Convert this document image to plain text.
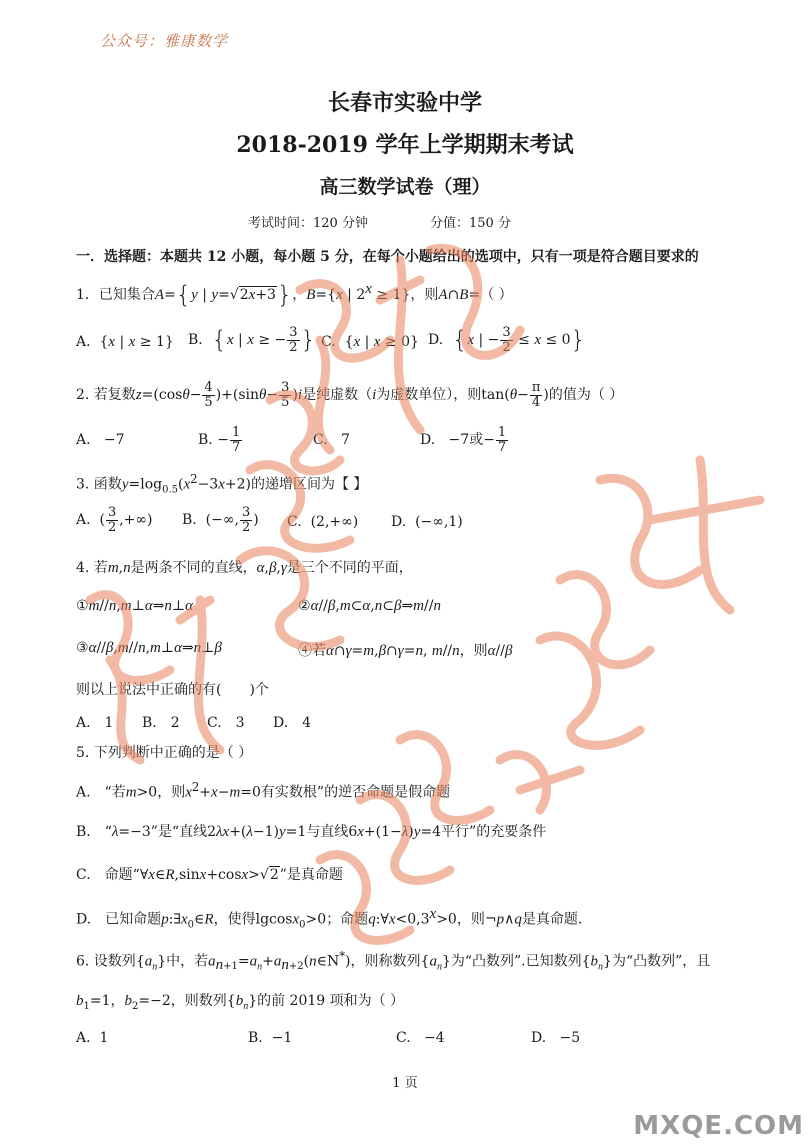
公众号：雅康数学
长春市实验中学
2018-2019 学年上学期期末考试
高三数学试卷（理）
考试时间：120 分钟	分值：150 分
一．选择题：本题共 12 小题，每小题 5 分，在每个小题给出的选项中，只有一项是符合题目要求的
1．已知集合A={y | y=√2x+3}，B={x | $2^x \ge 1$}，则A∩B=（ ）
A.  {x | x ≥ 1} B. {x | x ≥ − $\frac{3}{2}$ } C.  {x | x ≥ 0} D. {x | − $\frac{3}{2} \le x \le 0$}
2. 若复数$z=(\cos\theta- \frac{4}{5} )+(\sin\theta- \frac{3}{5} )i$是纯虚数（i为虚数单位），则$\tan(\theta- \frac{\pi}{4}$ )的值为（ ）
A. −7	B. − $\frac{1}{7}$	C. 7	D.   −7或− $\frac{1}{7}$
3. 函数$y=\log_{0.5}(x^2-3x+2)$的递增区间为【 】
A.  ( $\frac{3}{2}$ ,+∞) B.  (−∞, $\frac{3}{2}$ ) C.  (2,+∞) D.  (−∞,1)
4. 若m,n是两条不同的直线，α,β,γ是三个不同的平面，
①m//n,m⊥α⇒n⊥α	②α//β,m⊂α,n⊂β⇒m//n
③α//β,m//n,m⊥α⇒n⊥β	④若α∩γ=m,β∩γ=n, m//n，则α//β
则以上说法中正确的有(　　)个
A.　1 B.　2 C.　3 D.　4
5. 下列判断中正确的是（ ）
A.　“若m>0，则$x^2+x-m=0$有实数根”的逆否命题是假命题
B.　“λ=−3”是“直线2λx+(λ−1)y=1与直线6x+(1−λ)y=4平行”的充要条件
C.　命题“∀x∈R,sinx+cosx>√2”是真命题
D.　已知命题$p:\exists x_0\in R$，使得lgcosx$_0$>0；命题$q:\forall x<0,3^x>0$，则¬p∧q是真命题.
6. 设数列$\{a_n\}$中，若$a_{n+1}=a_n+a_{n+2}(n\in N^*)$，则称数列$\{a_n\}$为“凸数列”.已知数列$\{b_n\}$为“凸数列”，且
$b_1=1$，$b_2=-2$，则数列$\{b_n\}$的前 2019 项和为（ ）
A. 1	B. −1	C. −4	D. −5
1 页
MXQE.COM
